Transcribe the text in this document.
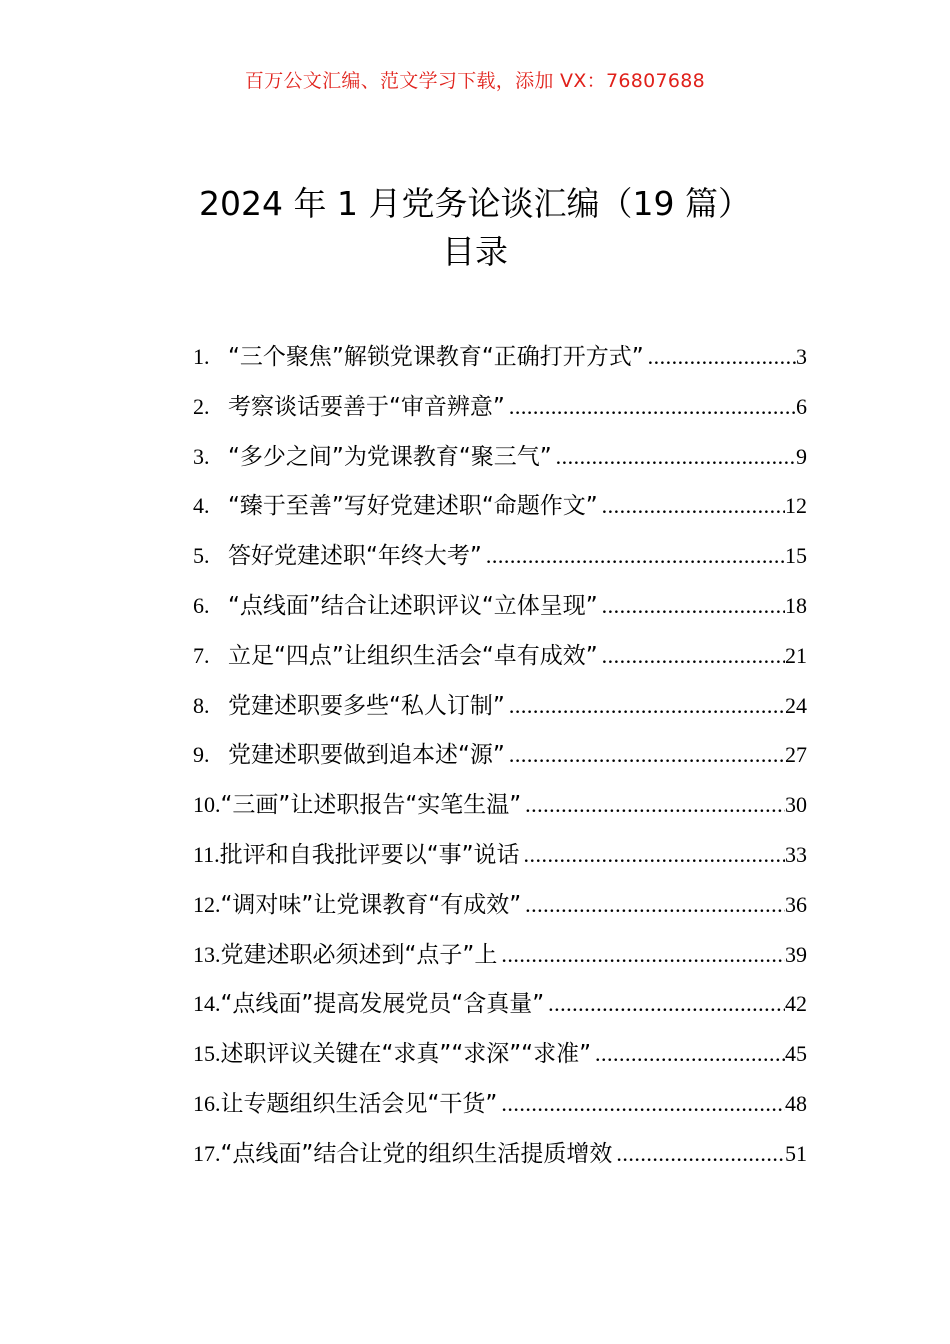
百万公文汇编、范文学习下载，添加 VX：76807688
2024 年 1 月党务论谈汇编（19 篇）
目录
1. “三个聚焦”解锁党课教育“正确打开方式” .....	3
2. 考察谈话要善于“审音辨意” .....	6
3. “多少之间”为党课教育“聚三气” .....	9
4. “臻于至善”写好党建述职“命题作文” .....	12
5. 答好党建述职“年终大考” .....	15
6. “点线面”结合让述职评议“立体呈现” .....	18
7. 立足“四点”让组织生活会“卓有成效” .....	21
8. 党建述职要多些“私人订制” .....	24
9. 党建述职要做到追本述“源” .....	27
10. “三画”让述职报告“实笔生温” .....	30
11. 批评和自我批评要以“事”说话 .....	33
12. “调对味”让党课教育“有成效” .....	36
13. 党建述职必须述到“点子”上 .....	39
14. “点线面”提高发展党员“含真量” .....	42
15. 述职评议关键在“求真”“求深”“求准” .....	45
16. 让专题组织生活会见“干货” .....	48
17. “点线面”结合让党的组织生活提质增效 .....	51
